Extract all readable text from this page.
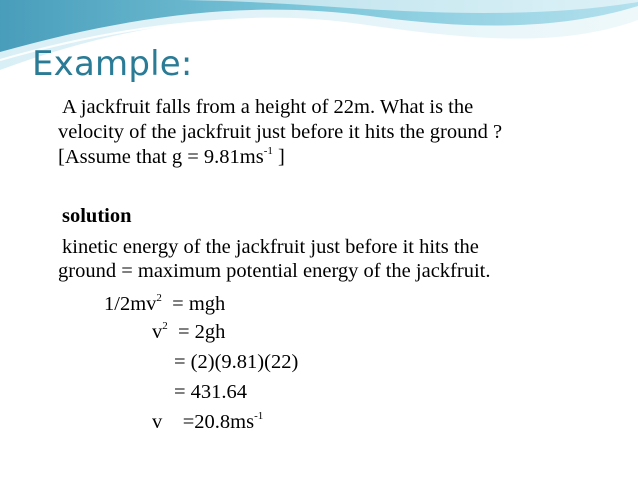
Example:
A jackfruit falls from a height of 22m. What is the
velocity of the jackfruit just before it hits the ground ?
[Assume that $g = 9.81ms^{-1}$ ]
solution
kinetic energy of the jackfruit just before it hits the
ground = maximum potential energy of the jackfruit.
$1/2mv^2$  = mgh
$v^2 = 2gh$
= (2)(9.81)(22)
= 431.64
v    $=20.8ms^{-1}$
